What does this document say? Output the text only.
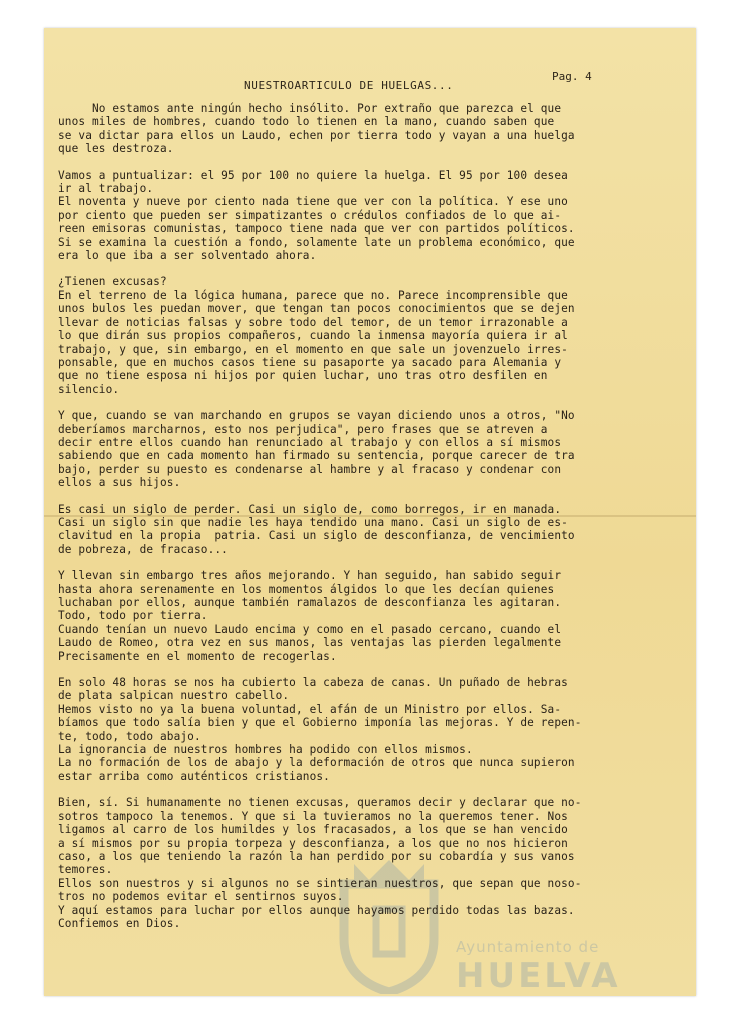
Ayuntamiento de
HUELVA
Pag. 4
NUESTROARTICULO DE HUELGAS...

No estamos ante ningún hecho insólito. Por extraño que parezca el que
unos miles de hombres, cuando todo lo tienen en la mano, cuando saben que
se va dictar para ellos un Laudo, echen por tierra todo y vayan a una huelga
que les destroza.

Vamos a puntualizar: el 95 por 100 no quiere la huelga. El 95 por 100 desea
ir al trabajo.
El noventa y nueve por ciento nada tiene que ver con la política. Y ese uno
por ciento que pueden ser simpatizantes o crédulos confiados de lo que ai-
reen emisoras comunistas, tampoco tiene nada que ver con partidos políticos.
Si se examina la cuestión a fondo, solamente late un problema económico, que
era lo que iba a ser solventado ahora.

¿Tienen excusas?
En el terreno de la lógica humana, parece que no. Parece incomprensible que
unos bulos les puedan mover, que tengan tan pocos conocimientos que se dejen
llevar de noticias falsas y sobre todo del temor, de un temor irrazonable a
lo que dirán sus propios compañeros, cuando la inmensa mayoría quiera ir al
trabajo, y que, sin embargo, en el momento en que sale un jovenzuelo irres-
ponsable, que en muchos casos tiene su pasaporte ya sacado para Alemania y
que no tiene esposa ni hijos por quien luchar, uno tras otro desfilen en
silencio.

Y que, cuando se van marchando en grupos se vayan diciendo unos a otros, "No
deberíamos marcharnos, esto nos perjudica", pero frases que se atreven a
decir entre ellos cuando han renunciado al trabajo y con ellos a sí mismos
sabiendo que en cada momento han firmado su sentencia, porque carecer de tra
bajo, perder su puesto es condenarse al hambre y al fracaso y condenar con
ellos a sus hijos.

Es casi un siglo de perder. Casi un siglo de, como borregos, ir en manada.
Casi un siglo sin que nadie les haya tendido una mano. Casi un siglo de es-
clavitud en la propia  patria. Casi un siglo de desconfianza, de vencimiento
de pobreza, de fracaso...

Y llevan sin embargo tres años mejorando. Y han seguido, han sabido seguir
hasta ahora serenamente en los momentos álgidos lo que les decían quienes
luchaban por ellos, aunque también ramalazos de desconfianza les agitaran.
Todo, todo por tierra.
Cuando tenían un nuevo Laudo encima y como en el pasado cercano, cuando el
Laudo de Romeo, otra vez en sus manos, las ventajas las pierden legalmente
Precisamente en el momento de recogerlas.

En solo 48 horas se nos ha cubierto la cabeza de canas. Un puñado de hebras
de plata salpican nuestro cabello.
Hemos visto no ya la buena voluntad, el afán de un Ministro por ellos. Sa-
bíamos que todo salía bien y que el Gobierno imponía las mejoras. Y de repen-
te, todo, todo abajo.
La ignorancia de nuestros hombres ha podido con ellos mismos.
La no formación de los de abajo y la deformación de otros que nunca supieron
estar arriba como auténticos cristianos.

Bien, sí. Si humanamente no tienen excusas, queramos decir y declarar que no-
sotros tampoco la tenemos. Y que si la tuvieramos no la queremos tener. Nos
ligamos al carro de los humildes y los fracasados, a los que se han vencido
a sí mismos por su propia torpeza y desconfianza, a los que no nos hicieron
caso, a los que teniendo la razón la han perdido por su cobardía y sus vanos
temores.
Ellos son nuestros y si algunos no se sintieran nuestros, que sepan que noso-
tros no podemos evitar el sentirnos suyos.
Y aquí estamos para luchar por ellos aunque hayamos perdido todas las bazas.
Confiemos en Dios.
